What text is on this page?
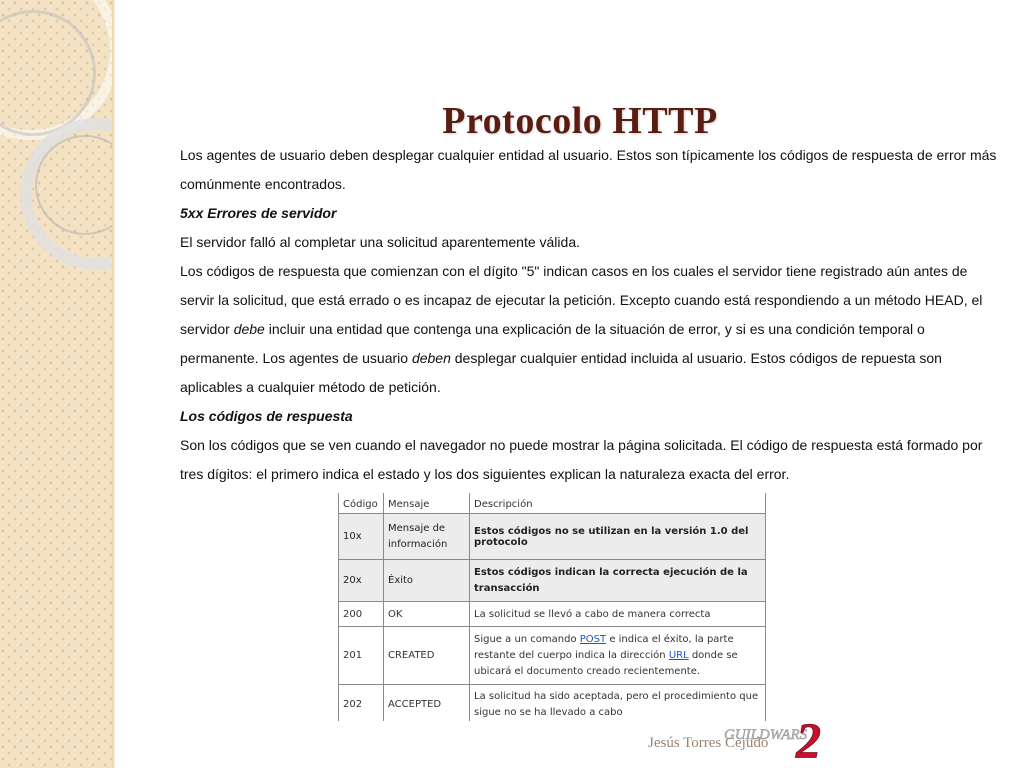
Protocolo HTTP

Los agentes de usuario deben desplegar cualquier entidad al usuario. Estos son típicamente los códigos de respuesta de error más comúnmente encontrados.

5xx Errores de servidor

El servidor falló al completar una solicitud aparentemente válida.

Los códigos de respuesta que comienzan con el dígito "5" indican casos en los cuales el servidor tiene registrado aún antes de servir la solicitud, que está errado o es incapaz de ejecutar la petición. Excepto cuando está respondiendo a un método HEAD, el servidor debe incluir una entidad que contenga una explicación de la situación de error, y si es una condición temporal o permanente. Los agentes de usuario deben desplegar cualquier entidad incluida al usuario. Estos códigos de repuesta son aplicables a cualquier método de petición.

Los códigos de respuesta

Son los códigos que se ven cuando el navegador no puede mostrar la página solicitada. El código de respuesta está formado por tres dígitos: el primero indica el estado y los dos siguientes explican la naturaleza exacta del error.

Código	Mensaje	Descripción
10x	Mensaje de información	Estos códigos no se utilizan en la versión 1.0 del protocolo
20x	Éxito	Estos códigos indican la correcta ejecución de la transacción
200	OK	La solicitud se llevó a cabo de manera correcta
201	CREATED	Sigue a un comando POST e indica el éxito, la parte restante del cuerpo indica la dirección URL donde se ubicará el documento creado recientemente.
202	ACCEPTED	La solicitud ha sido aceptada, pero el procedimiento que sigue no se ha llevado a cabo
Jesús Torres Cejudo
GUILDWARS
2
